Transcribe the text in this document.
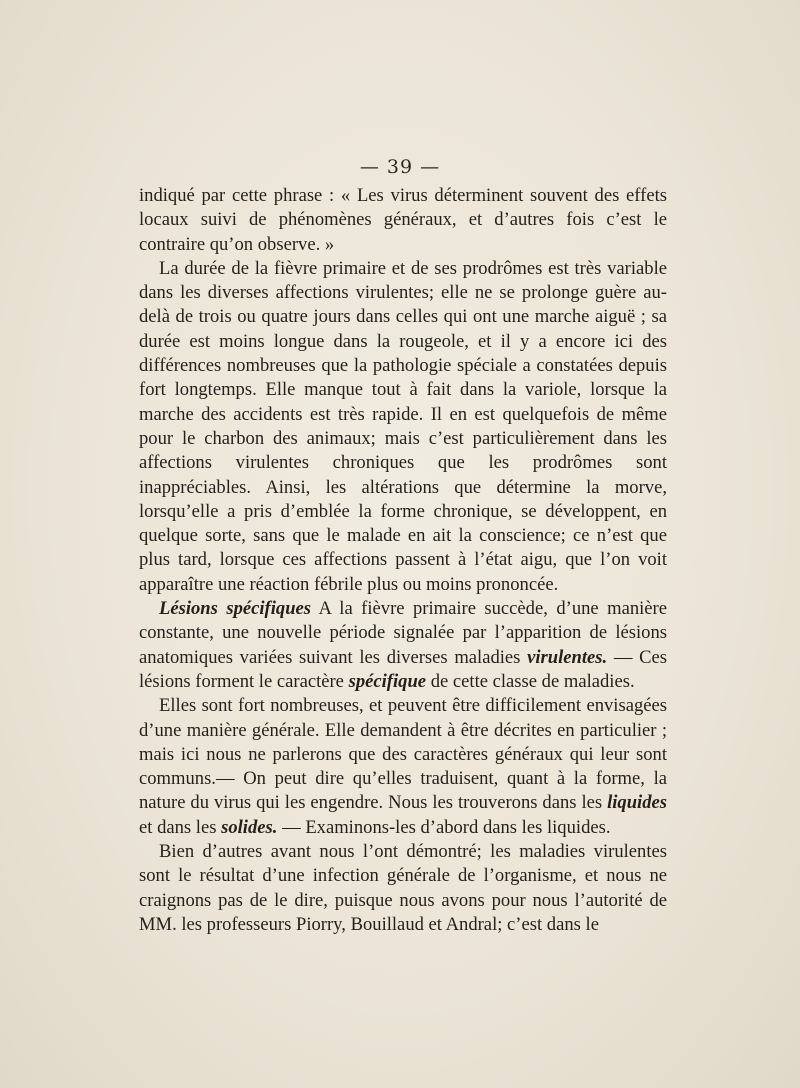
— 39 —

indiqué par cette phrase : « Les virus déterminent souvent des effets locaux suivi de phénomènes généraux, et d’autres fois c’est le contraire qu’on observe. »

La durée de la fièvre primaire et de ses prodrômes est très variable dans les diverses affections virulentes; elle ne se prolonge guère au-delà de trois ou quatre jours dans celles qui ont une marche aiguë ; sa durée est moins longue dans la rougeole, et il y a encore ici des différences nombreuses que la pathologie spéciale a constatées depuis fort longtemps. Elle manque tout à fait dans la variole, lorsque la marche des accidents est très rapide. Il en est quelquefois de même pour le charbon des animaux; mais c’est particulièrement dans les affections virulentes chroniques que les prodrômes sont inappréciables. Ainsi, les altérations que détermine la morve, lorsqu’elle a pris d’emblée la forme chronique, se développent, en quelque sorte, sans que le malade en ait la conscience; ce n’est que plus tard, lorsque ces affections passent à l’état aigu, que l’on voit apparaître une réaction fébrile plus ou moins prononcée.

Lésions spécifiques A la fièvre primaire succède, d’une manière constante, une nouvelle période signalée par l’apparition de lésions anatomiques variées suivant les diverses maladies virulentes. — Ces lésions forment le caractère spécifique de cette classe de maladies.

Elles sont fort nombreuses, et peuvent être difficilement envisagées d’une manière générale. Elle demandent à être décrites en particulier ; mais ici nous ne parlerons que des caractères généraux qui leur sont communs.— On peut dire qu’elles traduisent, quant à la forme, la nature du virus qui les engendre. Nous les trouverons dans les liquides et dans les solides. — Examinons-les d’abord dans les liquides.

Bien d’autres avant nous l’ont démontré; les maladies virulentes sont le résultat d’une infection générale de l’organisme, et nous ne craignons pas de le dire, puisque nous avons pour nous l’autorité de MM. les professeurs Piorry, Bouillaud et Andral; c’est dans le
